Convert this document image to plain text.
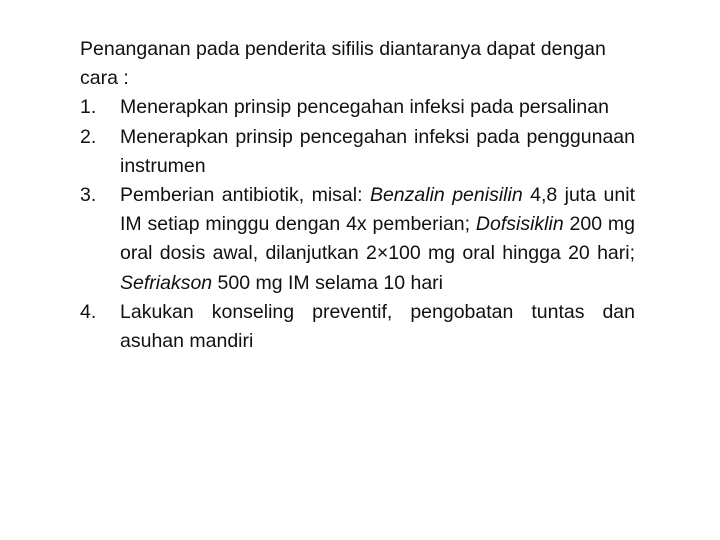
Penanganan pada penderita sifilis diantaranya dapat dengan cara :

1. Menerapkan prinsip pencegahan infeksi pada persalinan
2. Menerapkan prinsip pencegahan infeksi pada penggunaan instrumen
3. Pemberian antibiotik, misal: Benzalin penisilin 4,8 juta unit IM setiap minggu dengan 4x pemberian; Dofsisiklin 200 mg oral dosis awal, dilanjutkan 2×100 mg oral hingga 20 hari; Sefriakson 500 mg IM selama 10 hari
4. Lakukan konseling preventif, pengobatan tuntas dan asuhan mandiri
